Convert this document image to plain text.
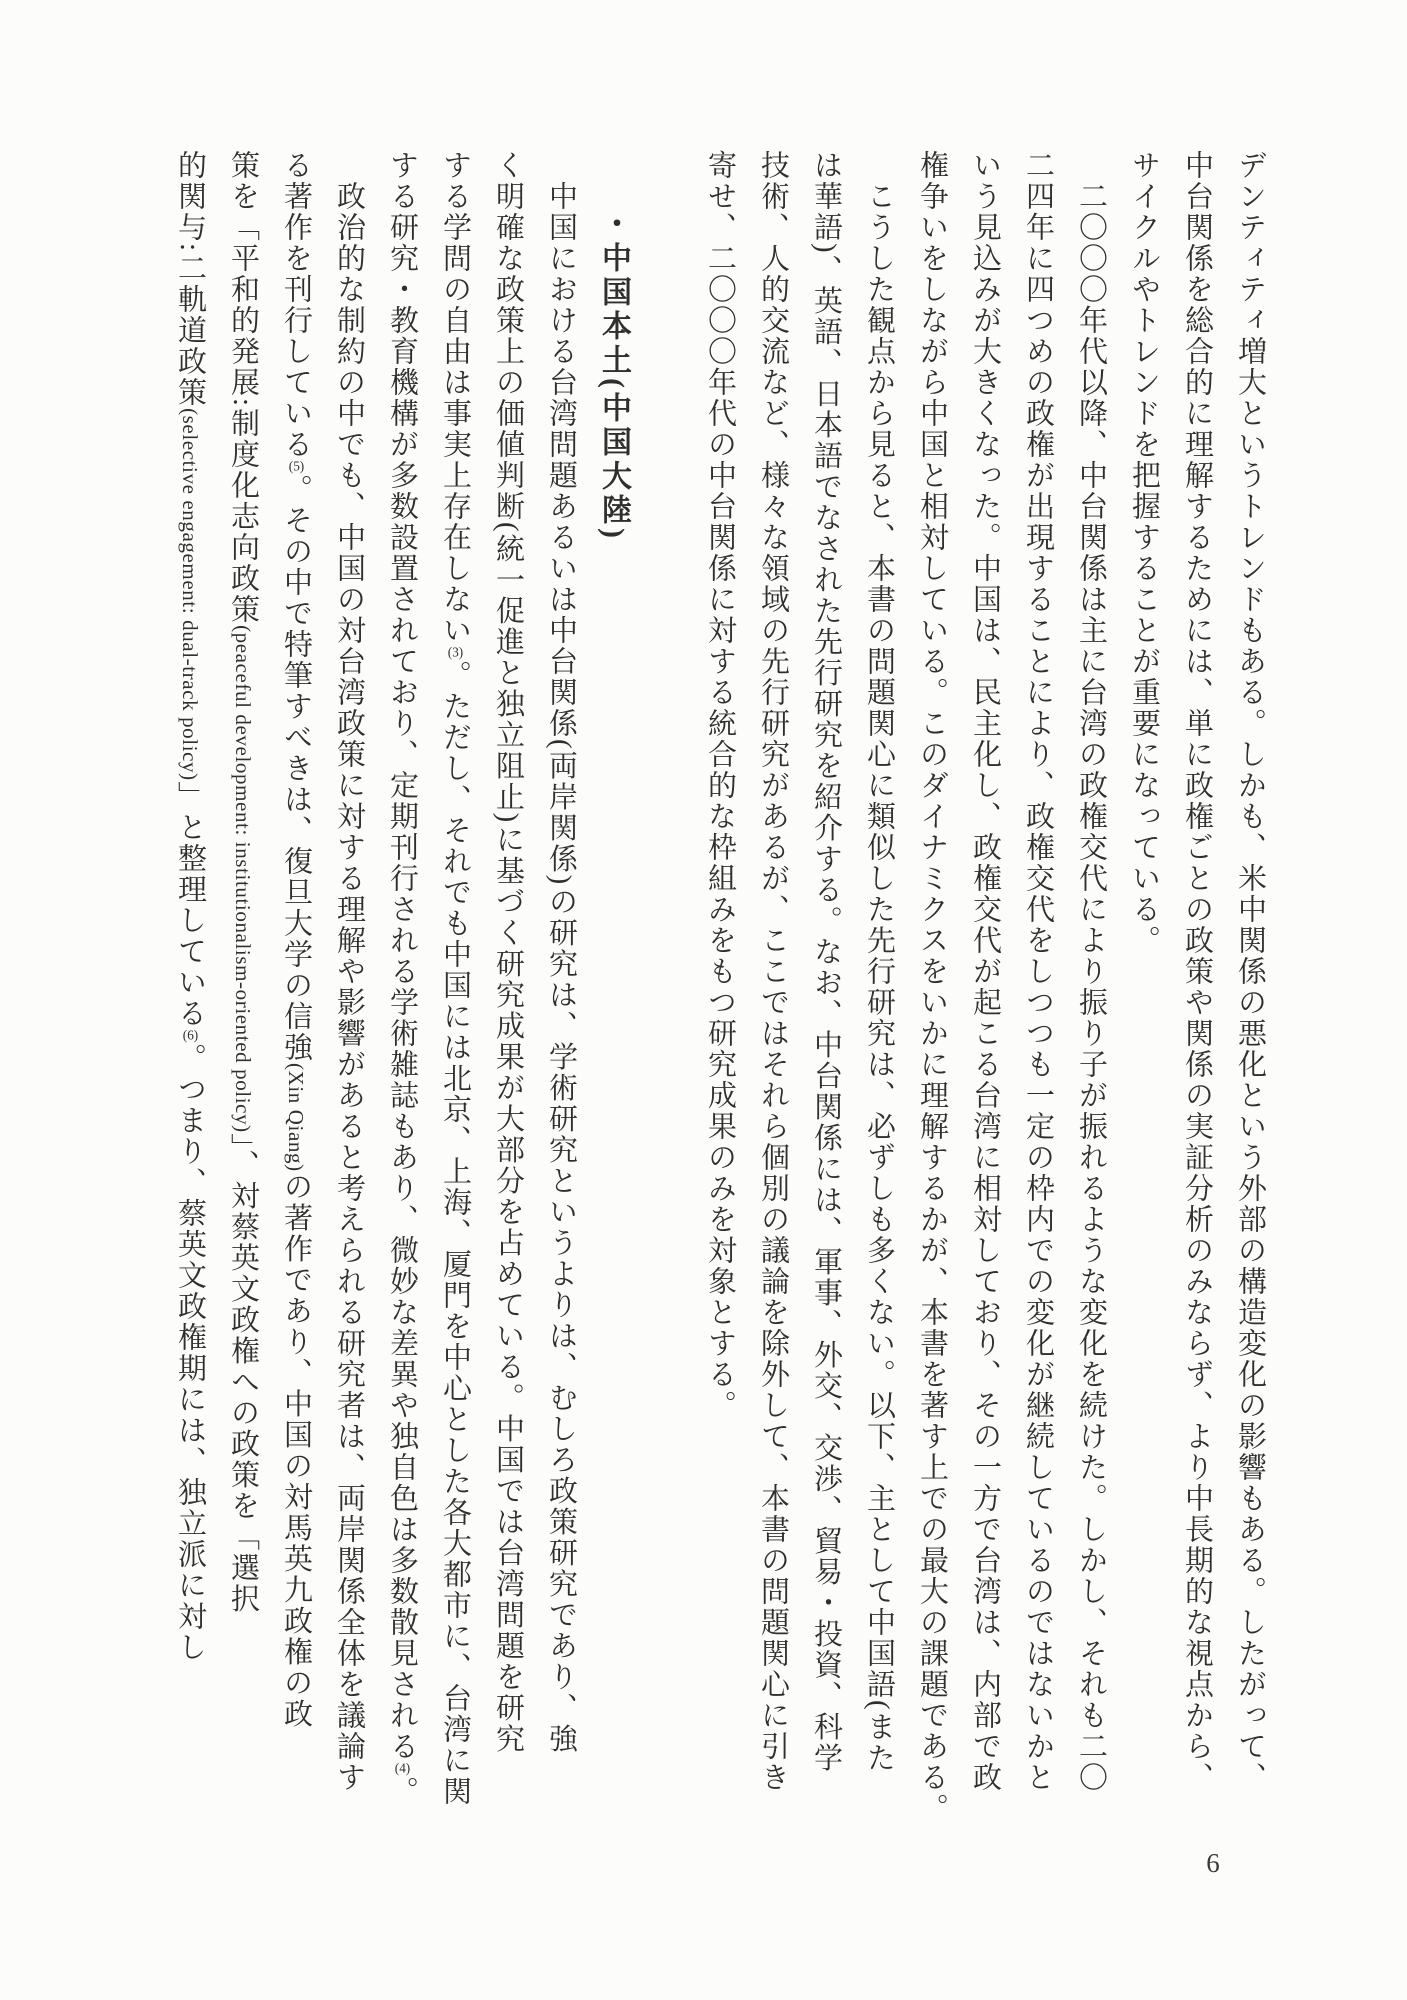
デンティティ増大というトレンドもある。しかも、米中関係の悪化という外部の構造変化の影響もある。したがって、
中台関係を総合的に理解するためには、単に政権ごとの政策や関係の実証分析のみならず、より中長期的な視点から、
サイクルやトレンドを把握することが重要になっている。
　二〇〇〇年代以降、中台関係は主に台湾の政権交代により振り子が振れるような変化を続けた。しかし、それも二〇
二四年に四つめの政権が出現することにより、政権交代をしつつも一定の枠内での変化が継続しているのではないかと
いう見込みが大きくなった。中国は、民主化し、政権交代が起こる台湾に相対しており、その一方で台湾は、内部で政
権争いをしながら中国と相対している。このダイナミクスをいかに理解するかが、本書を著す上での最大の課題である。
　こうした観点から見ると、本書の問題関心に類似した先行研究は、必ずしも多くない。以下、主として中国語(また
は華語)、英語、日本語でなされた先行研究を紹介する。なお、中台関係には、軍事、外交、交渉、貿易・投資、科学
技術、人的交流など、様々な領域の先行研究があるが、ここではそれら個別の議論を除外して、本書の問題関心に引き
寄せ、二〇〇〇年代の中台関係に対する統合的な枠組みをもつ研究成果のみを対象とする。
・中国本土(中国大陸)
　中国における台湾問題あるいは中台関係(両岸関係)の研究は、学術研究というよりは、むしろ政策研究であり、強
く明確な政策上の価値判断(統一促進と独立阻止)に基づく研究成果が大部分を占めている。中国では台湾問題を研究
する学問の自由は事実上存在しない(3)。ただし、それでも中国には北京、上海、厦門を中心とした各大都市に、台湾に関
する研究・教育機構が多数設置されており、定期刊行される学術雑誌もあり、微妙な差異や独自色は多数散見される(4)。
　政治的な制約の中でも、中国の対台湾政策に対する理解や影響があると考えられる研究者は、両岸関係全体を議論す
る著作を刊行している(5)。その中で特筆すべきは、復旦大学の信強(Xin Qiang)の著作であり、中国の対馬英九政権の政
策を「平和的発展:制度化志向政策(peaceful development: institutionalism-oriented policy)」、対蔡英文政権への政策を「選択
的関与:二軌道政策(selective engagement: dual-track policy)」と整理している(6)。つまり、蔡英文政権期には、独立派に対し
6
